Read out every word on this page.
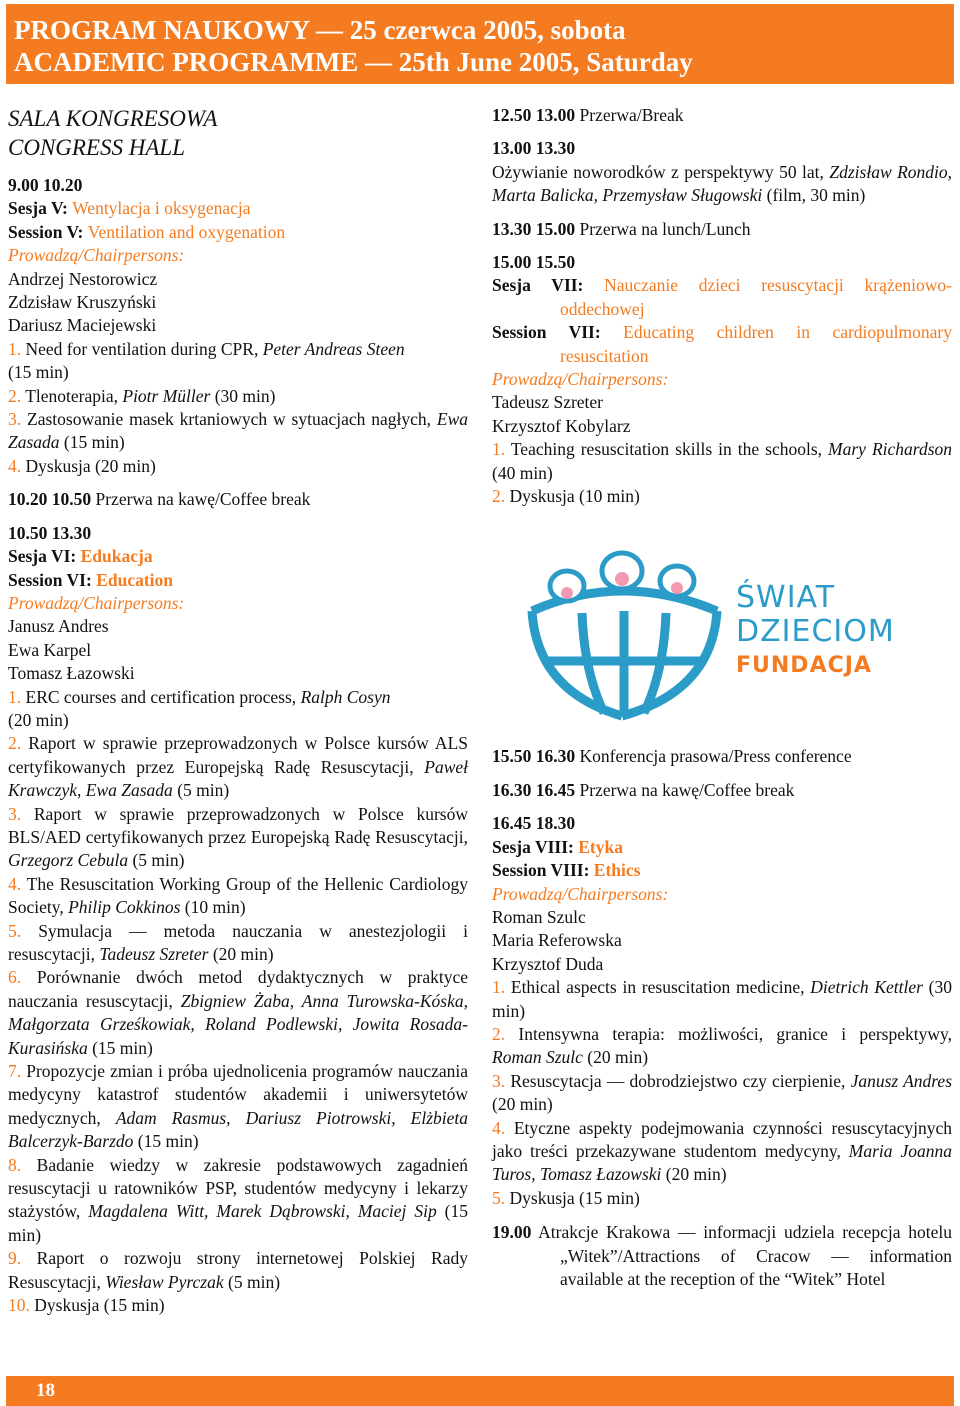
PROGRAM NAUKOWY — 25 czerwca 2005, sobota
ACADEMIC PROGRAMME — 25th June 2005, Saturday
SALA KONGRESOWA
CONGRESS HALL
9.00 10.20
Sesja V: Wentylacja i oksygenacja
Session V: Ventilation and oxygenation
Prowadzą/Chairpersons:
Andrzej Nestorowicz
Zdzisław Kruszyński
Dariusz Maciejewski
1. Need for ventilation during CPR, Peter Andreas Steen
(15 min)
2. Tlenoterapia, Piotr Müller (30 min)
3. Zastosowanie masek krtaniowych w sytuacjach nagłych, Ewa Zasada (15 min)
4. Dyskusja (20 min)
10.20 10.50 Przerwa na kawę/Coffee break
10.50 13.30
Sesja VI: Edukacja
Session VI: Education
Prowadzą/Chairpersons:
Janusz Andres
Ewa Karpel
Tomasz Łazowski
1. ERC courses and certification process, Ralph Cosyn
(20 min)
2. Raport w sprawie przeprowadzonych w Polsce kursów ALS certyfikowanych przez Europejską Radę Resuscytacji, Paweł Krawczyk, Ewa Zasada (5 min)
3. Raport w sprawie przeprowadzonych w Polsce kursów BLS/AED certyfikowanych przez Europejską Radę Resuscytacji, Grzegorz Cebula (5 min)
4. The Resuscitation Working Group of the Hellenic Cardiology Society, Philip Cokkinos (10 min)
5. Symulacja — metoda nauczania w anestezjologii i resuscytacji, Tadeusz Szreter (20 min)
6. Porównanie dwóch metod dydaktycznych w praktyce nauczania resuscytacji, Zbigniew Żaba, Anna Turowska-Kóska, Małgorzata Grześkowiak, Roland Podlewski, Jowita Rosada-Kurasińska (15 min)
7. Propozycje zmian i próba ujednolicenia programów nauczania medycyny katastrof studentów akademii i uniwersytetów medycznych, Adam Rasmus, Dariusz Piotrowski, Elżbieta Balcerzyk-Barzdo (15 min)
8. Badanie wiedzy w zakresie podstawowych zagadnień resuscytacji u ratowników PSP, studentów medycyny i lekarzy stażystów, Magdalena Witt, Marek Dąbrowski, Maciej Sip (15 min)
9. Raport o rozwoju strony internetowej Polskiej Rady Resuscytacji, Wiesław Pyrczak (5 min)
10. Dyskusja (15 min)
12.50 13.00 Przerwa/Break
13.00 13.30
Ożywianie noworodków z perspektywy 50 lat, Zdzisław Rondio, Marta Balicka, Przemysław Sługowski (film, 30 min)
13.30 15.00 Przerwa na lunch/Lunch
15.00 15.50
Sesja VII: Nauczanie dzieci resuscytacji krążeniowo-oddechowej
Session VII: Educating children in cardiopulmonary resuscitation
Prowadzą/Chairpersons:
Tadeusz Szreter
Krzysztof Kobylarz
1. Teaching resuscitation skills in the schools, Mary Richardson (40 min)
2. Dyskusja (10 min)
ŚWIAT
DZIECIOM
FUNDACJA
15.50 16.30 Konferencja prasowa/Press conference
16.30 16.45 Przerwa na kawę/Coffee break
16.45 18.30
Sesja VIII: Etyka
Session VIII: Ethics
Prowadzą/Chairpersons:
Roman Szulc
Maria Referowska
Krzysztof Duda
1. Ethical aspects in resuscitation medicine, Dietrich Kettler (30 min)
2. Intensywna terapia: możliwości, granice i perspektywy, Roman Szulc (20 min)
3. Resuscytacja — dobrodziejstwo czy cierpienie, Janusz Andres (20 min)
4. Etyczne aspekty podejmowania czynności resuscytacyjnych jako treści przekazywane studentom medycyny, Maria Joanna Turos, Tomasz Łazowski (20 min)
5. Dyskusja (15 min)
19.00 Atrakcje Krakowa — informacji udziela recepcja hotelu „Witek”/Attractions of Cracow — information available at the reception of the “Witek” Hotel
18
